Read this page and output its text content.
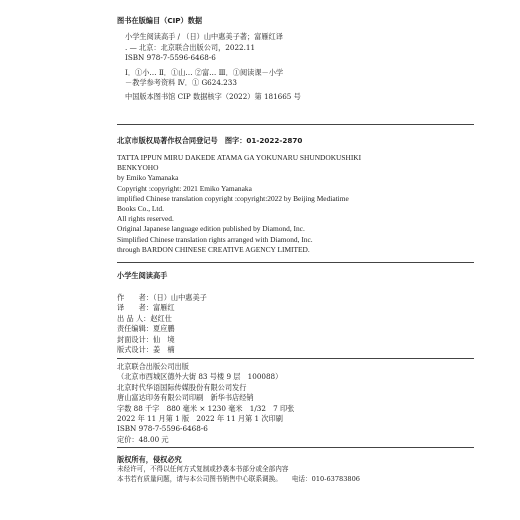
图书在版编目（CIP）数据
小学生阅读高手 / （日）山中惠美子著；富雁红译
. — 北京：北京联合出版公司，2022.11
ISBN 978-7-5596-6468-6
Ⅰ．①小… Ⅱ．①山… ②富… Ⅲ．①阅读课－小学
－教学参考资料 Ⅳ．① G624.233
中国版本图书馆 CIP 数据核字（2022）第 181665 号
北京市版权局著作权合同登记号　图字：01-2022-2870
TATTA IPPUN MIRU DAKEDE ATAMA GA YOKUNARU SHUNDOKUSHIKI
BENKYOHO
by Emiko Yamanaka
Copyright :copyright: 2021 Emiko Yamanaka
implified Chinese translation copyright :copyright:2022 by Beijing Mediatime
Books Co., Ltd.
All rights reserved.
Original Japanese language edition published by Diamond, Inc.
Simplified Chinese translation rights arranged with Diamond, Inc.
through BARDON CHINESE CREATIVE AGENCY LIMITED.
小学生阅读高手
作　　者：（日）山中惠美子
译　　者：富雁红
出 品 人：赵红仕
责任编辑：夏应鹏
封面设计：仙　境
版式设计：姜　楠
北京联合出版公司出版
（北京市西城区德外大街 83 号楼 9 层　100088）
北京时代华语国际传媒股份有限公司发行
唐山富达印务有限公司印刷　新华书店经销
字数 88 千字　880 毫米 × 1230 毫米　1/32　7 印张
2022 年 11 月第 1 版　2022 年 11 月第 1 次印刷
ISBN 978-7-5596-6468-6
定价：48.00 元
版权所有，侵权必究
未经许可，不得以任何方式复制或抄袭本书部分或全部内容
本书若有质量问题，请与本公司图书销售中心联系调换。 电话：010-63783806
